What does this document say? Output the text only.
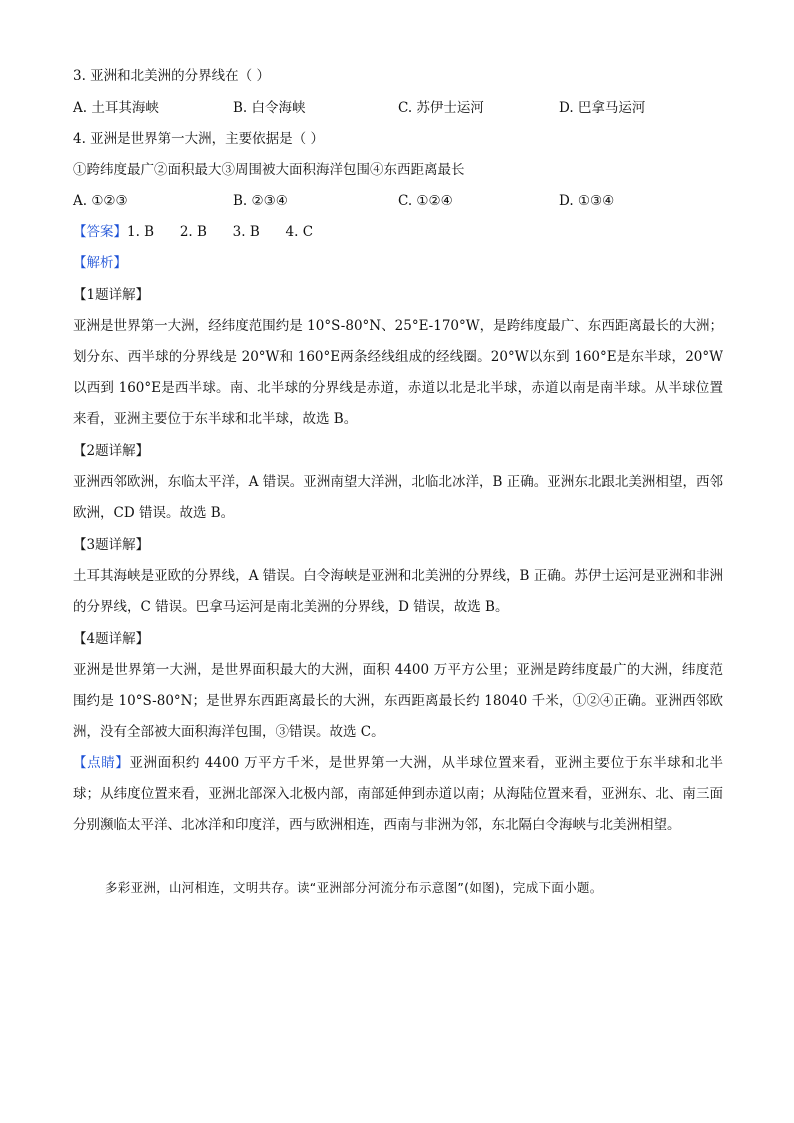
3. 亚洲和北美洲的分界线在（ ）
A. 土耳其海峡	B. 白令海峡	C. 苏伊士运河	D. 巴拿马运河
4. 亚洲是世界第一大洲，主要依据是（ ）
①跨纬度最广②面积最大③周围被大面积海洋包围④东西距离最长
A. ①②③	B. ②③④	C. ①②④	D. ①③④
【答案】1. B      2. B      3. B      4. C
【解析】
【1题详解】
亚洲是世界第一大洲，经纬度范围约是 10°S-80°N、25°E-170°W，是跨纬度最广、东西距离最长的大洲；划分东、西半球的分界线是 20°W和 160°E两条经线组成的经线圈。20°W以东到 160°E是东半球，20°W以西到 160°E是西半球。南、北半球的分界线是赤道，赤道以北是北半球，赤道以南是南半球。从半球位置来看，亚洲主要位于东半球和北半球，故选 B。
【2题详解】
亚洲西邻欧洲，东临太平洋，A 错误。亚洲南望大洋洲，北临北冰洋，B 正确。亚洲东北跟北美洲相望，西邻欧洲，CD 错误。故选 B。
【3题详解】
土耳其海峡是亚欧的分界线，A 错误。白令海峡是亚洲和北美洲的分界线，B 正确。苏伊士运河是亚洲和非洲的分界线，C 错误。巴拿马运河是南北美洲的分界线，D 错误，故选 B。
【4题详解】
亚洲是世界第一大洲，是世界面积最大的大洲，面积 4400 万平方公里；亚洲是跨纬度最广的大洲，纬度范围约是 10°S-80°N；是世界东西距离最长的大洲，东西距离最长约 18040 千米，①②④正确。亚洲西邻欧洲，没有全部被大面积海洋包围，③错误。故选 C。
【点睛】亚洲面积约 4400 万平方千米，是世界第一大洲，从半球位置来看，亚洲主要位于东半球和北半球；从纬度位置来看，亚洲北部深入北极内部，南部延伸到赤道以南；从海陆位置来看，亚洲东、北、南三面分别濒临太平洋、北冰洋和印度洋，西与欧洲相连，西南与非洲为邻，东北隔白令海峡与北美洲相望。
多彩亚洲，山河相连，文明共存。读“亚洲部分河流分布示意图”(如图)，完成下面小题。
